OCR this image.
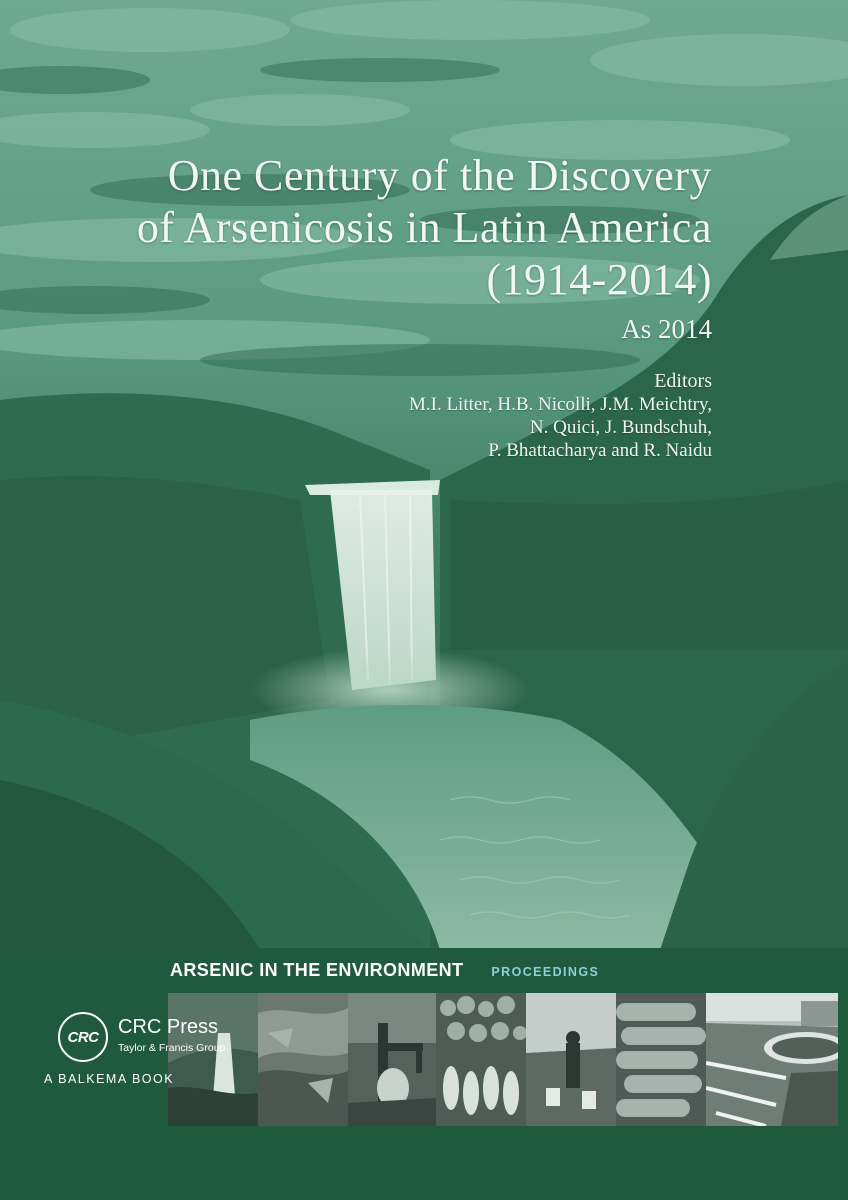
One Century of the Discovery
of Arsenicosis in Latin America
(1914-2014)
As 2014
Editors
M.I. Litter, H.B. Nicolli, J.M. Meichtry,
N. Quici, J. Bundschuh,
P. Bhattacharya and R. Naidu
ARSENIC IN THE ENVIRONMENT PROCEEDINGS
CRC CRC Press
Taylor & Francis Group
A BALKEMA BOOK
